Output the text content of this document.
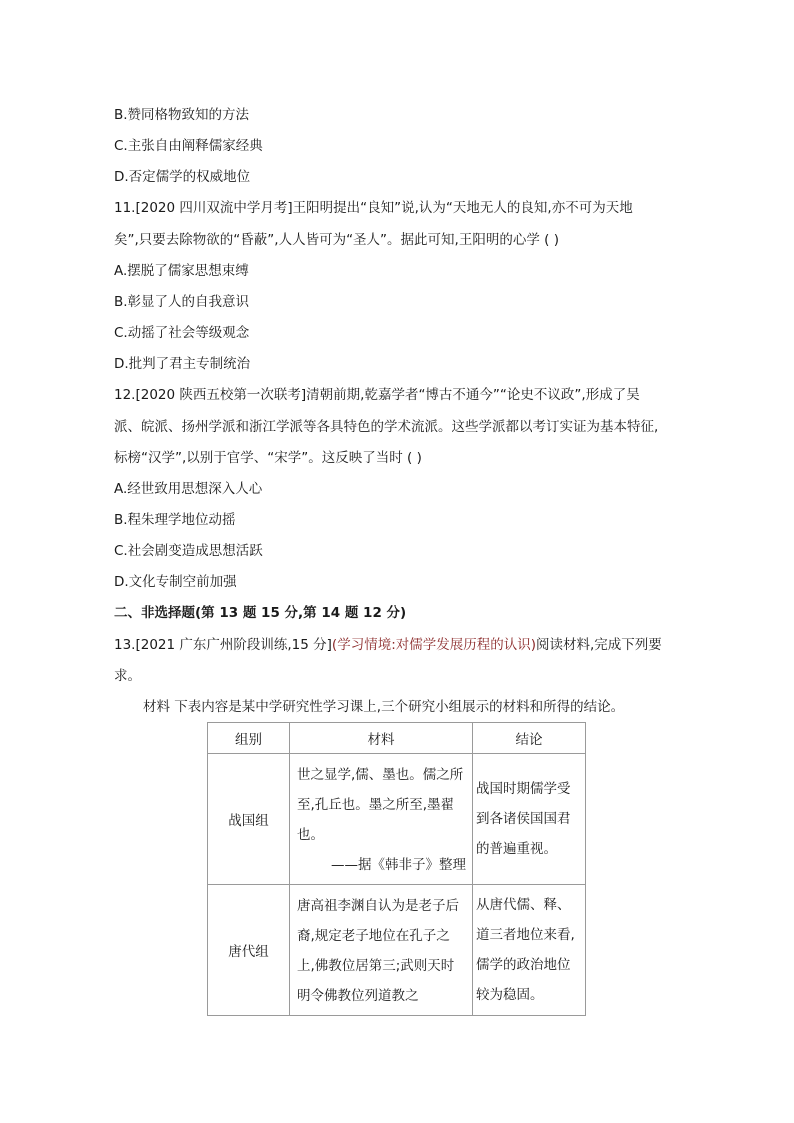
B.赞同格物致知的方法
C.主张自由阐释儒家经典
D.否定儒学的权威地位
11.[2020 四川双流中学月考]王阳明提出“良知”说,认为“天地无人的良知,亦不可为天地
矣”,只要去除物欲的“昏蔽”,人人皆可为“圣人”。据此可知,王阳明的心学 ( )
A.摆脱了儒家思想束缚
B.彰显了人的自我意识
C.动摇了社会等级观念
D.批判了君主专制统治
12.[2020 陕西五校第一次联考]清朝前期,乾嘉学者“博古不通今”“论史不议政”,形成了吴
派、皖派、扬州学派和浙江学派等各具特色的学术流派。这些学派都以考订实证为基本特征,
标榜“汉学”,以别于官学、“宋学”。这反映了当时 ( )
A.经世致用思想深入人心
B.程朱理学地位动摇
C.社会剧变造成思想活跃
D.文化专制空前加强
二、非选择题(第 13 题 15 分,第 14 题 12 分)
13.[2021 广东广州阶段训练,15 分](学习情境:对儒学发展历程的认识)阅读材料,完成下列要
求。
材料 下表内容是某中学研究性学习课上,三个研究小组展示的材料和所得的结论。
组别	材料	结论
战国组	世之显学,儒、墨也。儒之所至,孔丘也。墨之所至,墨翟也。
——据《韩非子》整理	战国时期儒学受到各诸侯国国君的普遍重视。
唐代组	唐高祖李渊自认为是老子后裔,规定老子地位在孔子之上,佛教位居第三;武则天时明令佛教位列道教之	从唐代儒、释、道三者地位来看,儒学的政治地位较为稳固。
